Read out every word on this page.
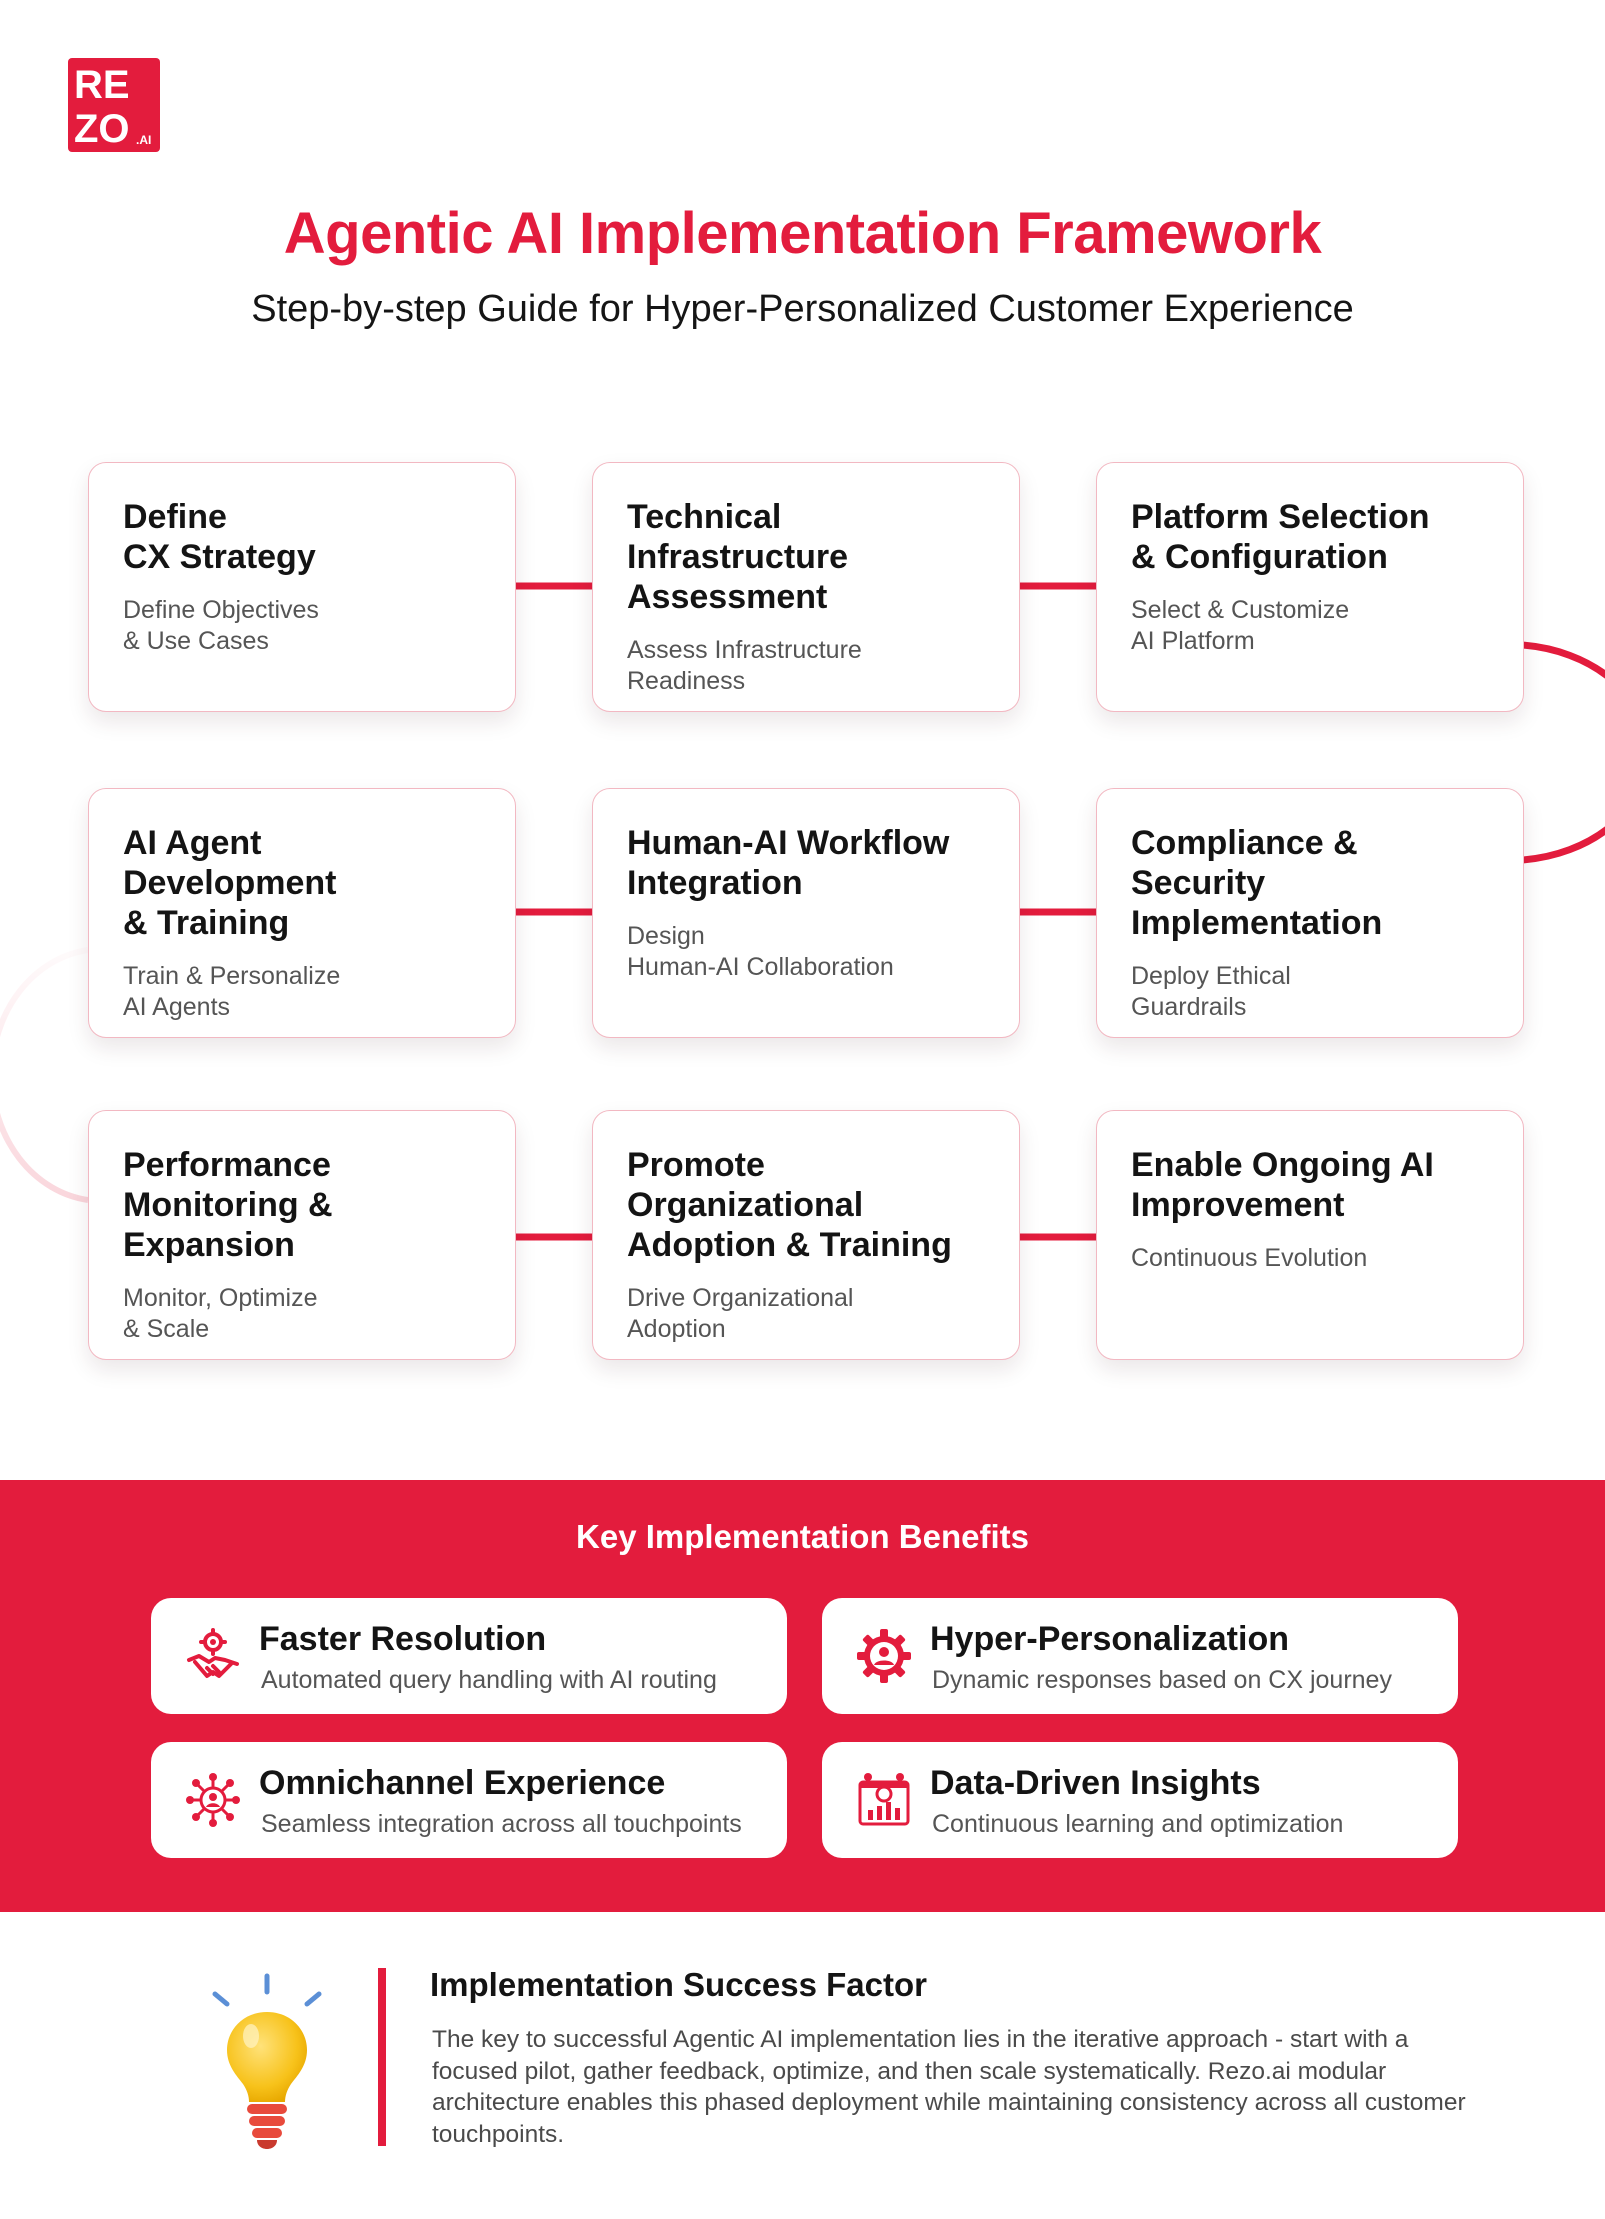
RE
ZO .AI
Agentic AI Implementation Framework
Step-by-step Guide for Hyper-Personalized Customer Experience
Define
CX Strategy
Define Objectives
& Use Cases
Technical Infrastructure
Assessment
Assess Infrastructure
Readiness
Platform Selection
& Configuration
Select & Customize
AI Platform
AI Agent Development
& Training
Train & Personalize
AI Agents
Human-AI Workflow
Integration
Design
Human-AI Collaboration
Compliance & Security
Implementation
Deploy Ethical
Guardrails
Performance
Monitoring & Expansion
Monitor, Optimize
& Scale
Promote Organizational
Adoption & Training
Drive Organizational
Adoption
Enable Ongoing AI
Improvement
Continuous Evolution
Key Implementation Benefits
Faster Resolution
Automated query handling with AI routing
Hyper-Personalization
Dynamic responses based on CX journey
Omnichannel Experience
Seamless integration across all touchpoints
Data-Driven Insights
Continuous learning and optimization
Implementation Success Factor
The key to successful Agentic AI implementation lies in the iterative approach - start with a focused pilot, gather feedback, optimize, and then scale systematically. Rezo.ai modular architecture enables this phased deployment while maintaining consistency across all customer touchpoints.
